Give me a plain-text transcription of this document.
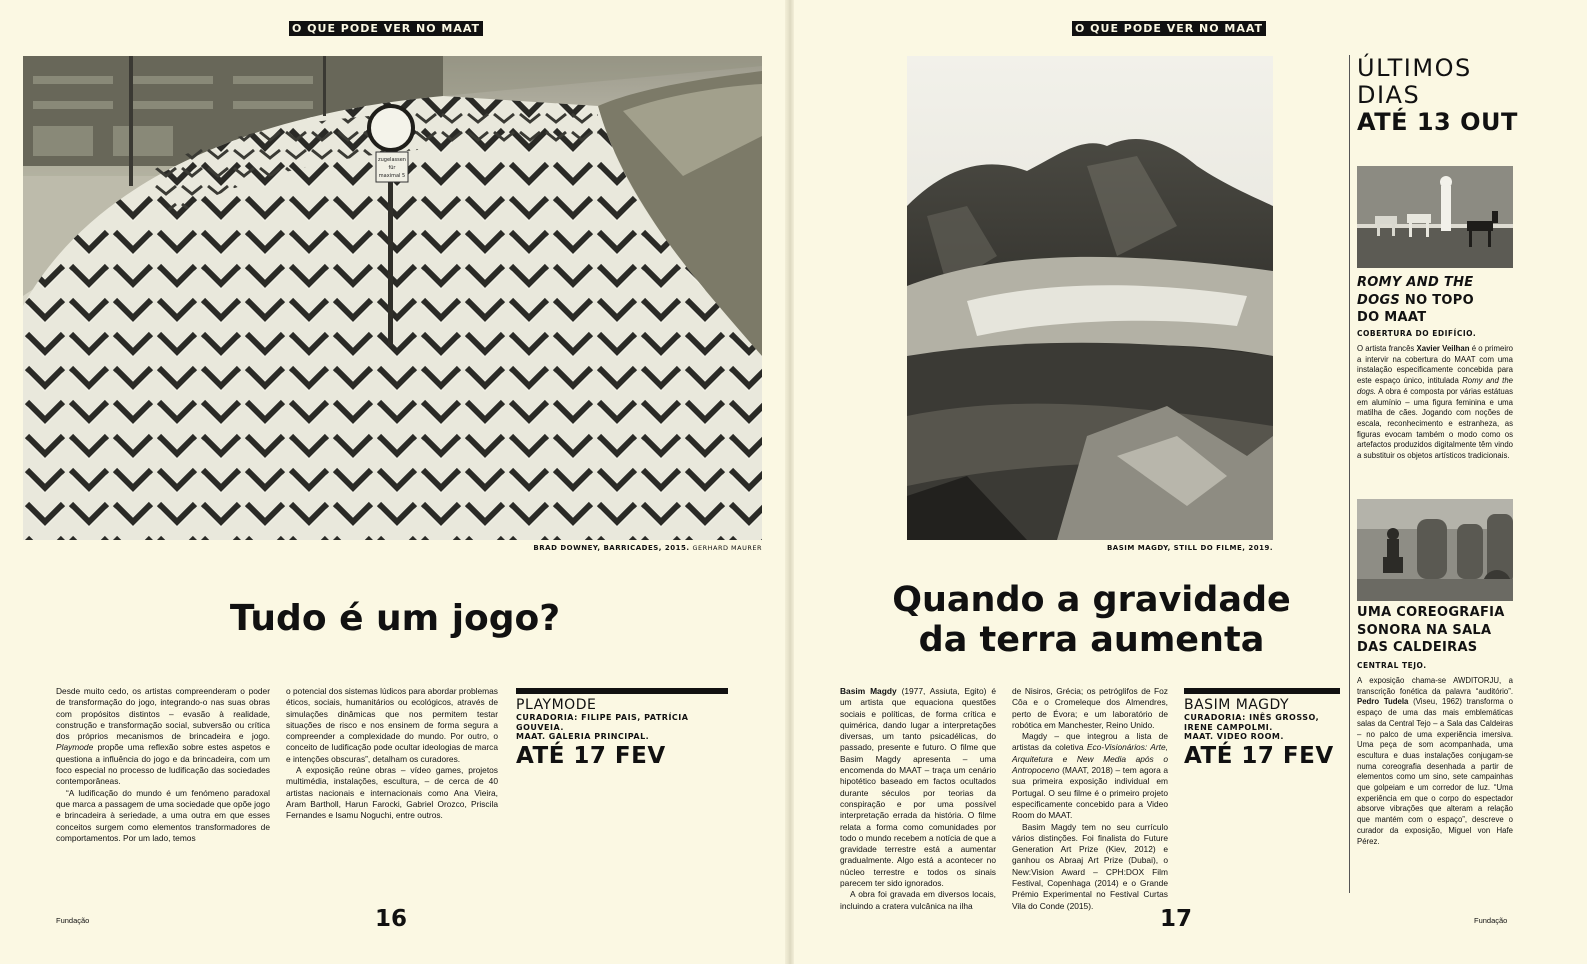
O QUE PODE VER NO MAAT
zugelassen
für
maximal 5
BRAD DOWNEY, BARRICADES, 2015. GERHARD MAURER
Tudo é um jogo?

Desde muito cedo, os artistas compreenderam o poder de transformação do jogo, integrando-o nas suas obras com propósitos distintos – evasão à realidade, construção e transformação social, subversão ou crítica dos próprios mecanismos de brincadeira e jogo. Playmode propõe uma reflexão sobre estes aspetos e questiona a influência do jogo e da brincadeira, com um foco especial no processo de ludificação das sociedades contemporâneas.

“A ludificação do mundo é um fenómeno paradoxal que marca a passagem de uma sociedade que opõe jogo e brincadeira à seriedade, a uma outra em que esses conceitos surgem como elementos transformadores de comportamentos. Por um lado, temos

o potencial dos sistemas lúdicos para abordar problemas éticos, sociais, humanitários ou ecológicos, através de simulações dinâmicas que nos permitem testar situações de risco e nos ensinem de forma segura a compreender a complexidade do mundo. Por outro, o conceito de ludificação pode ocultar ideologias de marca e intenções obscuras”, detalham os curadores.

A exposição reúne obras – vídeo games, projetos multimédia, instalações, escultura, – de cerca de 40 artistas nacionais e internacionais como Ana Vieira, Aram Bartholl, Harun Farocki, Gabriel Orozco, Priscila Fernandes e Isamu Noguchi, entre outros.

PLAYMODE
CURADORIA: FILIPE PAIS, PATRÍCIA GOUVEIA.
MAAT. GALERIA PRINCIPAL.
ATÉ 17 FEV
Fundação	16
O QUE PODE VER NO MAAT
BASIM MAGDY, STILL DO FILME, 2019.
Quando a gravidade
da terra aumenta

Basim Magdy (1977, Assiuta, Egito) é um artista que equaciona questões sociais e políticas, de forma crítica e quimérica, dando lugar a interpretações diversas, um tanto psicadélicas, do passado, presente e futuro. O filme que Basim Magdy apresenta – uma encomenda do MAAT – traça um cenário hipotético baseado em factos ocultados durante séculos por teorias da conspiração e por uma possível interpretação errada da história. O filme relata a forma como comunidades por todo o mundo recebem a notícia de que a gravidade terrestre está a aumentar gradualmente. Algo está a acontecer no núcleo terrestre e todos os sinais parecem ter sido ignorados.

A obra foi gravada em diversos locais, incluindo a cratera vulcânica na ilha

de Nisiros, Grécia; os petróglifos de Foz Côa e o Cromeleque dos Almendres, perto de Évora; e um laboratório de robótica em Manchester, Reino Unido.

Magdy – que integrou a lista de artistas da coletiva Eco-Visionários: Arte, Arquitetura e New Media após o Antropoceno (MAAT, 2018) – tem agora a sua primeira exposição individual em Portugal. O seu filme é o primeiro projeto especificamente concebido para a Video Room do MAAT.

Basim Magdy tem no seu currículo vários distinções. Foi finalista do Future Generation Art Prize (Kiev, 2012) e ganhou os Abraaj Art Prize (Dubai), o New:Vision Award – CPH:DOX Film Festival, Copenhaga (2014) e o Grande Prémio Experimental no Festival Curtas Vila do Conde (2015).

BASIM MAGDY
CURADORIA: INÊS GROSSO,
IRENE CAMPOLMI.
MAAT. VIDEO ROOM.
ATÉ 17 FEV
ÚLTIMOS
DIAS
ATÉ 13 OUT
ROMY AND THE
DOGS NO TOPO
DO MAAT
COBERTURA DO EDIFÍCIO.
O artista francês Xavier Veilhan é o primeiro a intervir na cobertura do MAAT com uma instalação especificamente concebida para este espaço único, intitulada Romy and the dogs. A obra é composta por várias estátuas em alumínio – uma figura feminina e uma matilha de cães. Jogando com noções de escala, reconhecimento e estranheza, as figuras evocam também o modo como os artefactos produzidos digitalmente têm vindo a substituir os objetos artísticos tradicionais.
UMA COREOGRAFIA
SONORA NA SALA
DAS CALDEIRAS
CENTRAL TEJO.
A exposição chama-se AWDITORJU, a transcrição fonética da palavra “auditório”. Pedro Tudela (Viseu, 1962) transforma o espaço de uma das mais emblemáticas salas da Central Tejo – a Sala das Caldeiras – no palco de uma experiência imersiva. Uma peça de som acompanhada, uma escultura e duas instalações conjugam-se numa coreografia desenhada a partir de elementos como um sino, sete campainhas que golpeiam e um corredor de luz. “Uma experiência em que o corpo do espectador absorve vibrações que alteram a relação que mantém com o espaço”, descreve o curador da exposição, Miguel von Hafe Pérez.
17	Fundação
